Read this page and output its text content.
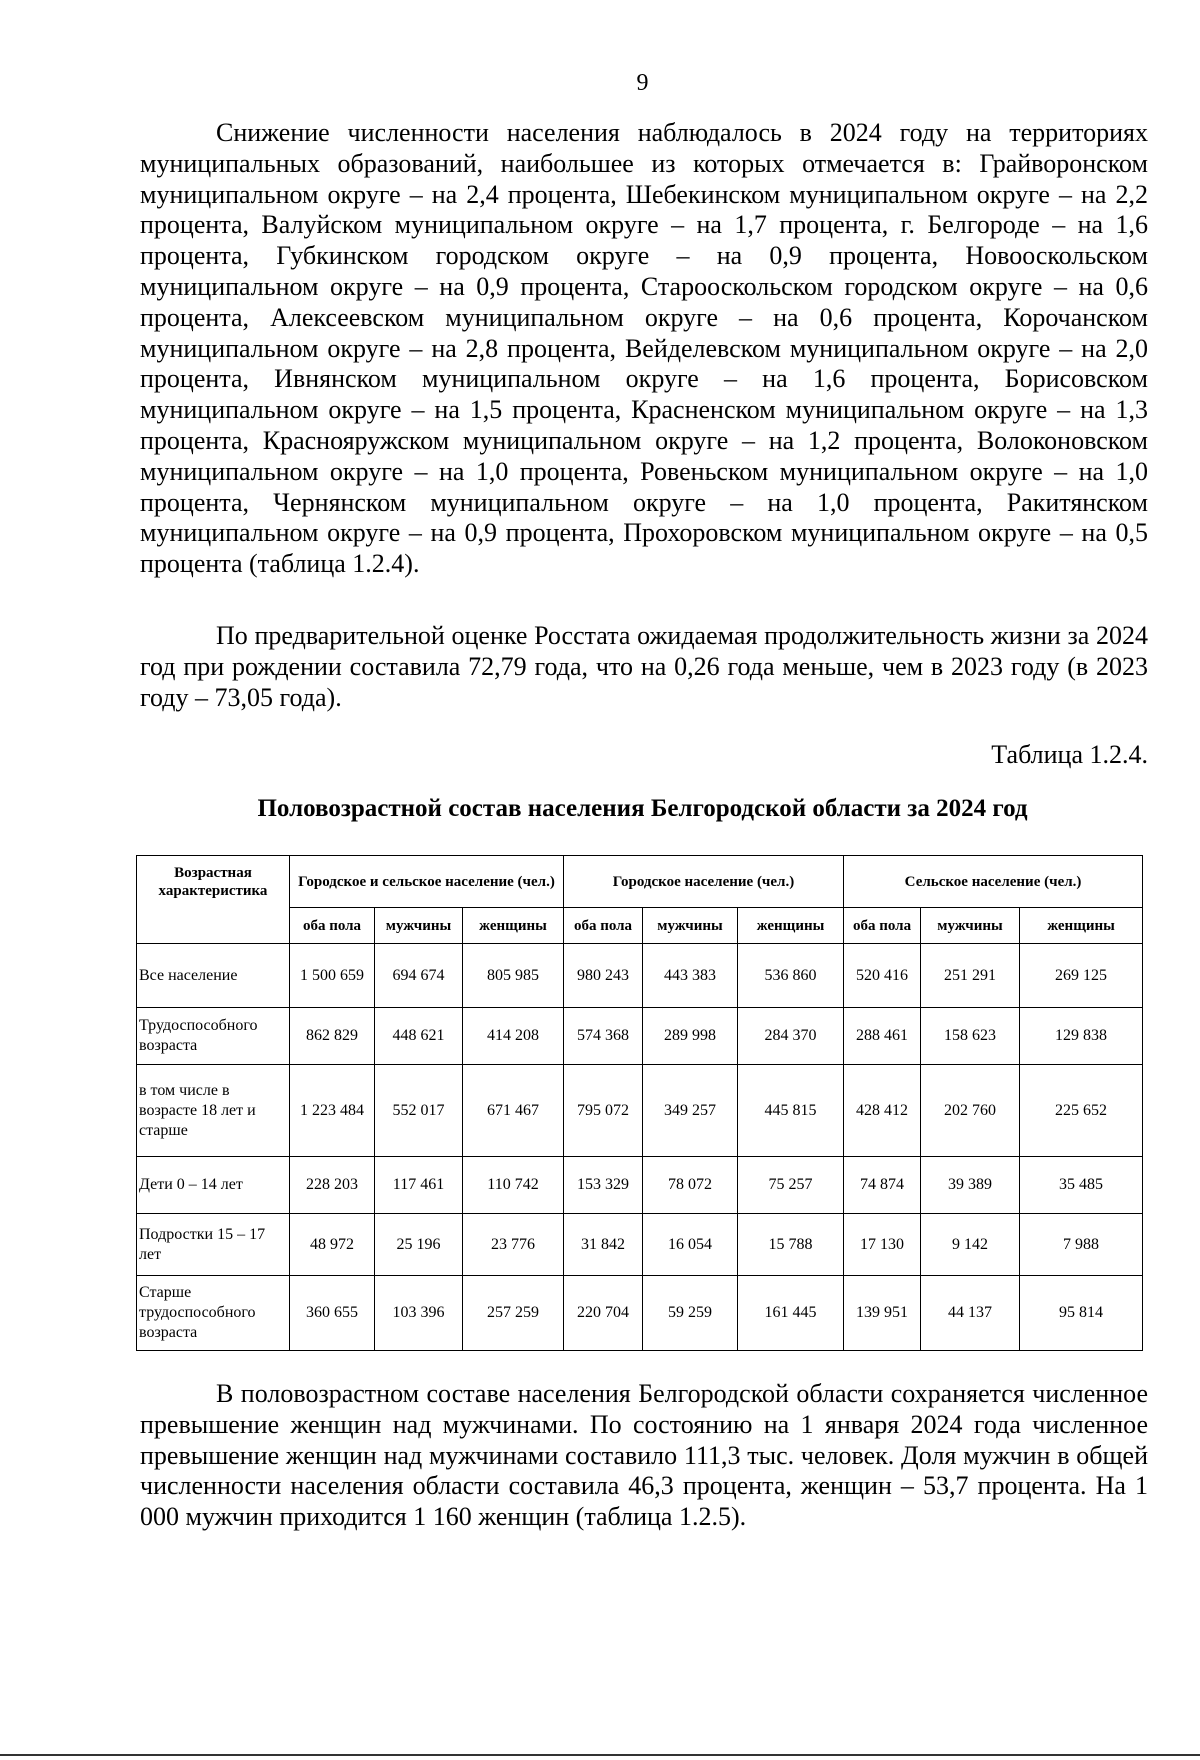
9

Снижение численности населения наблюдалось в 2024 году на территориях муниципальных образований, наибольшее из которых отмечается в: Грайворонском муниципальном округе – на 2,4 процента, Шебекинском муниципальном округе – на 2,2 процента, Валуйском муниципальном округе – на 1,7 процента, г. Белгороде – на 1,6 процента, Губкинском городском округе – на 0,9 процента, Новооскольском муниципальном округе – на 0,9 процента, Старооскольском городском округе – на 0,6 процента, Алексеевском муниципальном округе – на 0,6 процента, Корочанском муниципальном округе – на 2,8 процента, Вейделевском муниципальном округе – на 2,0 процента, Ивнянском муниципальном округе – на 1,6 процента, Борисовском муниципальном округе – на 1,5 процента, Красненском муниципальном округе – на 1,3 процента, Краснояружском муниципальном округе – на 1,2 процента, Волоконовском муниципальном округе – на 1,0 процента, Ровеньском муниципальном округе – на 1,0 процента, Чернянском муниципальном округе – на 1,0 процента, Ракитянском муниципальном округе – на 0,9 процента, Прохоровском муниципальном округе – на 0,5 процента (таблица 1.2.4).

По предварительной оценке Росстата ожидаемая продолжительность жизни за 2024 год при рождении составила 72,79 года, что на 0,26 года меньше, чем в 2023 году (в 2023 году – 73,05 года).

Таблица 1.2.4.
Половозрастной состав населения Белгородской области за 2024 год
Возрастная характеристика	Городское и сельское население (чел.)			Городское население (чел.)			Сельское население (чел.)		
	оба пола	мужчины	женщины	оба пола	мужчины	женщины	оба пола	мужчины	женщины
Все население	1 500 659	694 674	805 985	980 243	443 383	536 860	520 416	251 291	269 125
Трудоспособного возраста	862 829	448 621	414 208	574 368	289 998	284 370	288 461	158 623	129 838
в том числе в возрасте 18 лет и старше	1 223 484	552 017	671 467	795 072	349 257	445 815	428 412	202 760	225 652
Дети 0 – 14 лет	228 203	117 461	110 742	153 329	78 072	75 257	74 874	39 389	35 485
Подростки 15 – 17 лет	48 972	25 196	23 776	31 842	16 054	15 788	17 130	9 142	7 988
Старше трудоспособного возраста	360 655	103 396	257 259	220 704	59 259	161 445	139 951	44 137	95 814

В половозрастном составе населения Белгородской области сохраняется численное превышение женщин над мужчинами. По состоянию на 1 января 2024 года численное превышение женщин над мужчинами составило 111,3 тыс. человек. Доля мужчин в общей численности населения области составила 46,3 процента, женщин – 53,7 процента. На 1 000 мужчин приходится 1 160 женщин (таблица 1.2.5).
